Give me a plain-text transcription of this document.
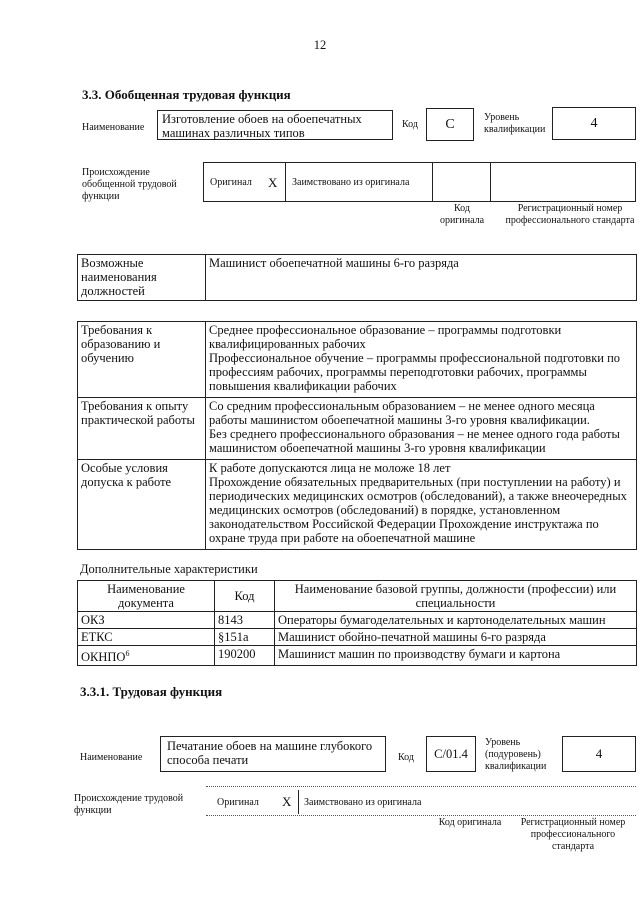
12
3.3. Обобщенная трудовая функция
Наименование
Изготовление обоев на обоепечатных машинах различных типов
Код	С	Уровень квалификации	4
Происхождение обобщенной трудовой функции
Оригинал X Заимствовано из оригинала
Код оригинала
Регистрационный номер профессионального стандарта
Возможные наименования должностей	Машинист обоепечатной машины 6-го разряда
Требования к образованию и обучению	Среднее профессиональное образование – программы подготовки квалифицированных рабочих
Профессиональное обучение – программы профессиональной подготовки по профессиям рабочих, программы переподготовки рабочих, программы повышения квалификации рабочих
Требования к опыту практической работы	Со средним профессиональным образованием – не менее одного месяца работы машинистом обоепечатной машины 3-го уровня квалификации.
Без среднего профессионального образования – не менее одного года работы машинистом обоепечатной машины 3-го уровня квалификации
Особые условия допуска к работе	К работе допускаются лица не моложе 18 лет
Прохождение обязательных предварительных (при поступлении на работу) и периодических медицинских осмотров (обследований), а также внеочередных медицинских осмотров (обследований) в порядке, установленном законодательством Российской Федерации Прохождение инструктажа по охране труда при работе на обоепечатной машине
Дополнительные характеристики
Наименование документа	Код	Наименование базовой группы, должности (профессии) или специальности
ОКЗ	8143	Операторы бумагоделательных и картоноделательных машин
ЕТКС	§151а	Машинист обойно-печатной машины 6-го разряда
ОКНПО$^6$	190200	Машинист машин по производству бумаги и картона
3.3.1. Трудовая функция
Наименование
Печатание обоев на машине глубокого способа печати	Код	С/01.4
Уровень (подуровень) квалификации
4
Происхождение трудовой функции
Оригинал X Заимствовано из оригинала
Код оригинала Регистрационный номер профессионального стандарта
